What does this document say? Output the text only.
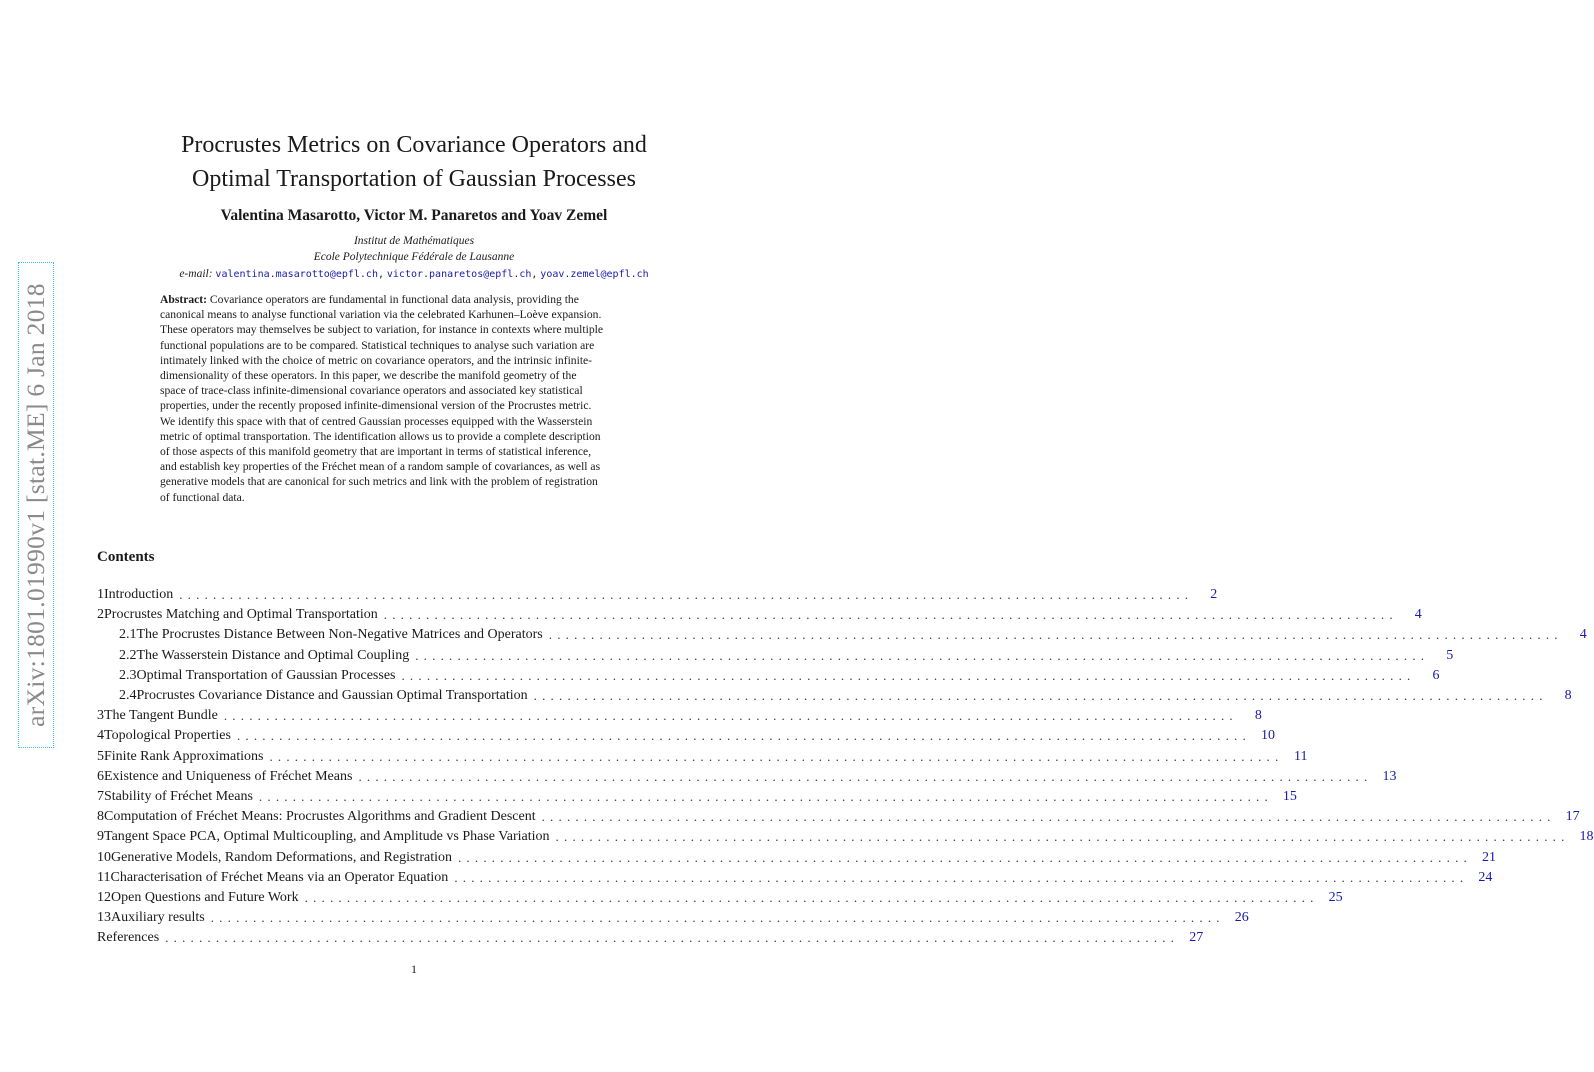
arXiv:1801.01990v1 [stat.ME] 6 Jan 2018
Procrustes Metrics on Covariance Operators and
Optimal Transportation of Gaussian Processes
Valentina Masarotto, Victor M. Panaretos and Yoav Zemel
Institut de Mathématiques
Ecole Polytechnique Fédérale de Lausanne
e-mail: valentina.masarotto@epfl.ch, victor.panaretos@epfl.ch, yoav.zemel@epfl.ch
Abstract: Covariance operators are fundamental in functional data analysis, providing the
canonical means to analyse functional variation via the celebrated Karhunen–Loève expansion.
These operators may themselves be subject to variation, for instance in contexts where multiple
functional populations are to be compared. Statistical techniques to analyse such variation are
intimately linked with the choice of metric on covariance operators, and the intrinsic infinite-
dimensionality of these operators. In this paper, we describe the manifold geometry of the
space of trace-class infinite-dimensional covariance operators and associated key statistical
properties, under the recently proposed infinite-dimensional version of the Procrustes metric.
We identify this space with that of centred Gaussian processes equipped with the Wasserstein
metric of optimal transportation. The identification allows us to provide a complete description
of those aspects of this manifold geometry that are important in terms of statistical inference,
and establish key properties of the Fréchet mean of a random sample of covariances, as well as
generative models that are canonical for such metrics and link with the problem of registration
of functional data.
Contents
1 Introduction ........................................................................................................................	2
2 Procrustes Matching and Optimal Transportation ........................................................................................................................	4
2.1 The Procrustes Distance Between Non-Negative Matrices and Operators ........................................................................................................................	4
2.2 The Wasserstein Distance and Optimal Coupling ........................................................................................................................	5
2.3 Optimal Transportation of Gaussian Processes ........................................................................................................................	6
2.4 Procrustes Covariance Distance and Gaussian Optimal Transportation ........................................................................................................................	8
3 The Tangent Bundle ........................................................................................................................	8
4 Topological Properties ........................................................................................................................ 10
5 Finite Rank Approximations ........................................................................................................................ 11
6 Existence and Uniqueness of Fréchet Means ........................................................................................................................ 13
7 Stability of Fréchet Means ........................................................................................................................ 15
8 Computation of Fréchet Means: Procrustes Algorithms and Gradient Descent ........................................................................................................................ 17
9 Tangent Space PCA, Optimal Multicoupling, and Amplitude vs Phase Variation ........................................................................................................................ 18
10 Generative Models, Random Deformations, and Registration ........................................................................................................................ 21
11 Characterisation of Fréchet Means via an Operator Equation ........................................................................................................................ 24
12 Open Questions and Future Work ........................................................................................................................ 25
13 Auxiliary results ........................................................................................................................ 26
References ........................................................................................................................ 27
1
